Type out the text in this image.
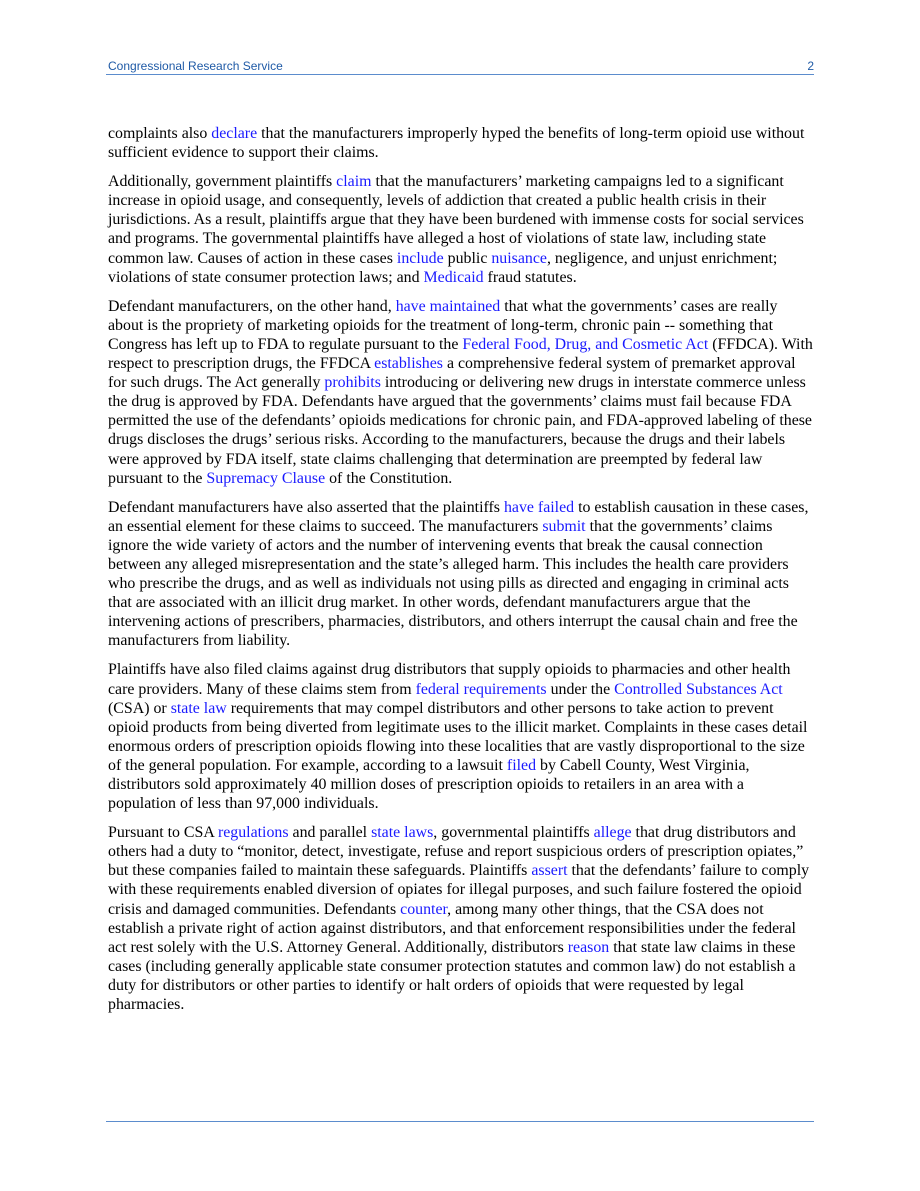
Congressional Research Service	2

complaints also declare that the manufacturers improperly hyped the benefits of long-term opioid use without sufficient evidence to support their claims.

Additionally, government plaintiffs claim that the manufacturers’ marketing campaigns led to a significant increase in opioid usage, and consequently, levels of addiction that created a public health crisis in their jurisdictions. As a result, plaintiffs argue that they have been burdened with immense costs for social services and programs. The governmental plaintiffs have alleged a host of violations of state law, including state common law. Causes of action in these cases include public nuisance, negligence, and unjust enrichment; violations of state consumer protection laws; and Medicaid fraud statutes.

Defendant manufacturers, on the other hand, have maintained that what the governments’ cases are really about is the propriety of marketing opioids for the treatment of long-term, chronic pain -- something that Congress has left up to FDA to regulate pursuant to the Federal Food, Drug, and Cosmetic Act (FFDCA). With respect to prescription drugs, the FFDCA establishes a comprehensive federal system of premarket approval for such drugs. The Act generally prohibits introducing or delivering new drugs in interstate commerce unless the drug is approved by FDA. Defendants have argued that the governments’ claims must fail because FDA permitted the use of the defendants’ opioids medications for chronic pain, and FDA-approved labeling of these drugs discloses the drugs’ serious risks. According to the manufacturers, because the drugs and their labels were approved by FDA itself, state claims challenging that determination are preempted by federal law pursuant to the Supremacy Clause of the Constitution.

Defendant manufacturers have also asserted that the plaintiffs have failed to establish causation in these cases, an essential element for these claims to succeed. The manufacturers submit that the governments’ claims ignore the wide variety of actors and the number of intervening events that break the causal connection between any alleged misrepresentation and the state’s alleged harm. This includes the health care providers who prescribe the drugs, and as well as individuals not using pills as directed and engaging in criminal acts that are associated with an illicit drug market. In other words, defendant manufacturers argue that the intervening actions of prescribers, pharmacies, distributors, and others interrupt the causal chain and free the manufacturers from liability.

Plaintiffs have also filed claims against drug distributors that supply opioids to pharmacies and other health care providers. Many of these claims stem from federal requirements under the Controlled Substances Act (CSA) or state law requirements that may compel distributors and other persons to take action to prevent opioid products from being diverted from legitimate uses to the illicit market. Complaints in these cases detail enormous orders of prescription opioids flowing into these localities that are vastly disproportional to the size of the general population. For example, according to a lawsuit filed by Cabell County, West Virginia, distributors sold approximately 40 million doses of prescription opioids to retailers in an area with a population of less than 97,000 individuals.

Pursuant to CSA regulations and parallel state laws, governmental plaintiffs allege that drug distributors and others had a duty to “monitor, detect, investigate, refuse and report suspicious orders of prescription opiates,” but these companies failed to maintain these safeguards. Plaintiffs assert that the defendants’ failure to comply with these requirements enabled diversion of opiates for illegal purposes, and such failure fostered the opioid crisis and damaged communities. Defendants counter, among many other things, that the CSA does not establish a private right of action against distributors, and that enforcement responsibilities under the federal act rest solely with the U.S. Attorney General. Additionally, distributors reason that state law claims in these cases (including generally applicable state consumer protection statutes and common law) do not establish a duty for distributors or other parties to identify or halt orders of opioids that were requested by legal pharmacies.
